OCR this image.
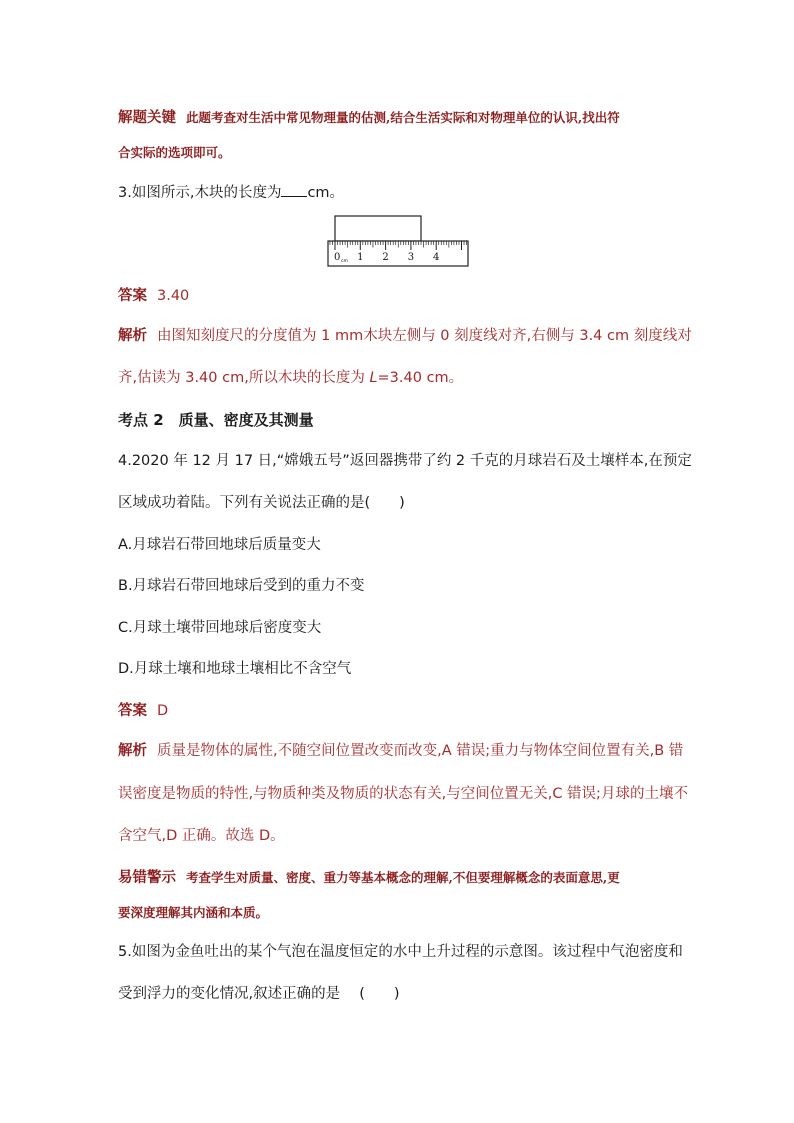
解题关键 此题考查对生活中常见物理量的估测,结合生活实际和对物理单位的认识,找出符
合实际的选项即可。
3.如图所示,木块的长度为 cm。
0 1 2 3 4
cm
答案 3.40
解析 由图知刻度尺的分度值为 1 mm木块左侧与 0 刻度线对齐,右侧与 3.4 cm 刻度线对
齐,估读为 3.40 cm,所以木块的长度为 L=3.40 cm。
考点 2　质量、密度及其测量
4.2020 年 12 月 17 日,“嫦娥五号”返回器携带了约 2 千克的月球岩石及土壤样本,在预定
区域成功着陆。下列有关说法正确的是(　　)
A.月球岩石带回地球后质量变大
B.月球岩石带回地球后受到的重力不变
C.月球土壤带回地球后密度变大
D.月球土壤和地球土壤相比不含空气
答案 D
解析 质量是物体的属性,不随空间位置改变而改变,A 错误;重力与物体空间位置有关,B 错
误密度是物质的特性,与物质种类及物质的状态有关,与空间位置无关,C 错误;月球的土壤不
含空气,D 正确。故选 D。
易错警示 考查学生对质量、密度、重力等基本概念的理解,不但要理解概念的表面意思,更
要深度理解其内涵和本质。
5.如图为金鱼吐出的某个气泡在温度恒定的水中上升过程的示意图。该过程中气泡密度和
受到浮力的变化情况,叙述正确的是　 (　　)
